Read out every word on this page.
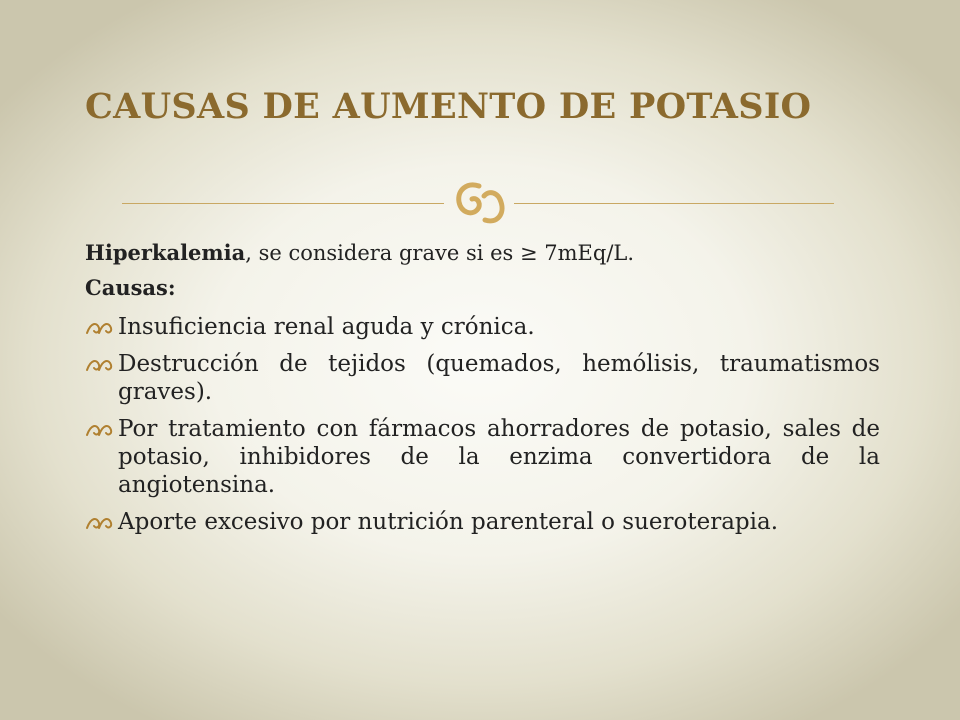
CAUSAS DE AUMENTO DE POTASIO

Hiperkalemia, se considera grave si es ≥ 7mEq/L.

Causas:

Insuficiencia renal aguda y crónica.
Destrucción de tejidos (quemados, hemólisis, traumatismos graves).
Por tratamiento con fármacos ahorradores de potasio, sales de potasio, inhibidores de la enzima convertidora de la angiotensina.
Aporte excesivo por nutrición parenteral o sueroterapia.
